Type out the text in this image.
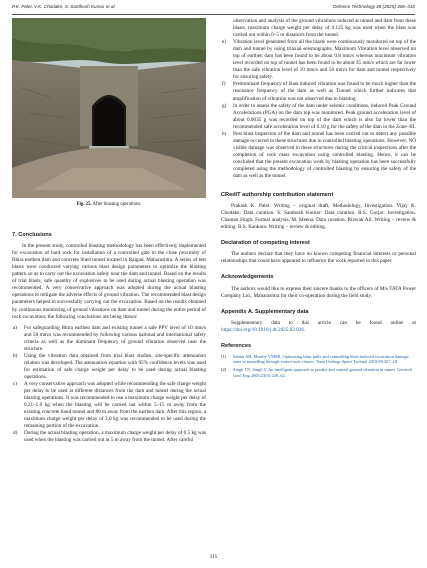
P.K. Palei, V.K. Chodake, S. Santhosh Kumar et al.	Defence Technology 48 (2025) 306–316
Fig. 25. After blasting operations.
7. Conclusions

In the present study, controlled blasting methodology has been effectively implemented for excavation of hard rock for installation of a controlled gate in the close proximity of Bhira earthen dam and concrete lined tunnel located in Raigad, Maharashtra. A series of test blasts were conducted varying various blast design parameters to optimize the blasting pattern so as to carry out the excavation safely near the dam and tunnel. Based on the results of trial blasts, safe quantity of explosives to be used during actual blasting operation was recommended. A very conservative approach was adopted during the actual blasting operations to mitigate the adverse effects of ground vibration. The recommended blast design parameters helped in successfully carrying out the excavation. Based on the results obtained by continuous monitoring of ground vibrations on dam and tunnel during the entire period of rock excavation; the following conclusions are being drawn:

a)	For safeguarding Bhira earthen dam and existing tunnel a safe PPV level of 10 mm/s and 50 mm/s was recommended by following various national and international safety criteria as well as the dominant frequency of ground vibration observed near the structure.
b)	Using the vibration data obtained from trial blast studies, site-specific attenuation relation was developed. The attenuation equation with 95% confidence levels was used for estimation of safe charge weight per delay to be used during actual blasting operations.
c)	A very conservative approach was adopted while recommending the safe charge weight per delay to be used at different distances from the dam and tunnel during the actual blasting operations. It was recommended to use a maximum charge weight per delay of 0.21–1.0 kg when the blasting will be carried out within 5–15 m away from the existing concrete lined tunnel and 80 m away from the earthen dam. After this region, a maximum charge weight per delay of 2.0 kg was recommended to be used during the remaining portion of the excavation.
d)	During the actual blasting operation, a maximum charge weight per delay of 0.5 kg was used when the blasting was carried out at 5 m away from the tunnel. After careful
observation and analysis of the ground vibrations induced at tunnel and dam from these blasts, maximum charge weight per delay of 0.125 kg was used when the blast was carried out within 0–5 m distances from the tunnel.
e)	Vibration level generated from all the blasts were continuously monitored on top of the dam and tunnel by using triaxial seismographs. Maximum Vibration level observed on top of earthen dam has been found to be about 0.8 mm/s whereas maximum vibration level recorded on top of tunnel has been found to be about 35 mm/s which are far lower than the safe vibration level of 10 mm/s and 50 mm/s for dam and tunnel respectively for ensuring safety.
f)	Predominant frequency of blast induced vibration was found to be much higher than the resonance frequency of the dam as well as Tunnel which further indicates that amplification of vibration was not observed due to blasting.
g)	In order to assess the safety of the dam under seismic conditions, induced Peak Ground Accelerations (PGA) on the dam top was monitored. Peak ground acceleration level of about 0.0035 g was recorded on top of the dam which is also far lower than the recommended safe acceleration level of 0.10 g for the safety of the dam in the Zone–III.
h)	Post blast inspection of the dam and tunnel has been carried out to detect any possible damage occurred in these structures due to controlled blasting operations. However, NO visible damage was observed in these structures during the critical inspections after the completion of rock mass excavation using controlled blasting. Hence, it can be concluded that the present excavation work by blasting operation has been successfully completed using the methodology of controlled blasting by ensuring the safety of the dam as well as the tunnel.
CRediT authorship contribution statement

Prakash K. Palei: Writing – original draft, Methodology, Investigation. Vijay K. Chodake: Data curation. S. Santhosh Kumar: Data curation. R.S. Gorjar: Investigation. Chaman Singh: Formal analysis. M. Meena: Data curation. Rizwan Ali: Writing – review & editing. R.S. Kankara: Writing – review & editing.

Declaration of competing interest

The authors declare that they have no known competing financial interests or personal relationships that could have appeared to influence the work reported in this paper.

Acknowledgements

The authors would like to express their sincere thanks to the officers of M/s TATA Power Company Ltd., Maharashtra for their co-operation during the field study.

Appendix A. Supplementary data

Supplementary data to this article can be found online at https://doi.org/10.1016/j.dt.2025.02.026.

References
[1]	Salum AH, Murthy VMSR. Optimising blast pulls and controlling blast-induced excavation damage zone in tunnelling through varied rock classes. Tunn Undergr Space Technol 2019;85:307–18.
[2]	Singh TN, Singh V. An intelligent approach to predict and control ground vibration in mines. Geotech Geol Eng 2005;23(3):249–62.
315
